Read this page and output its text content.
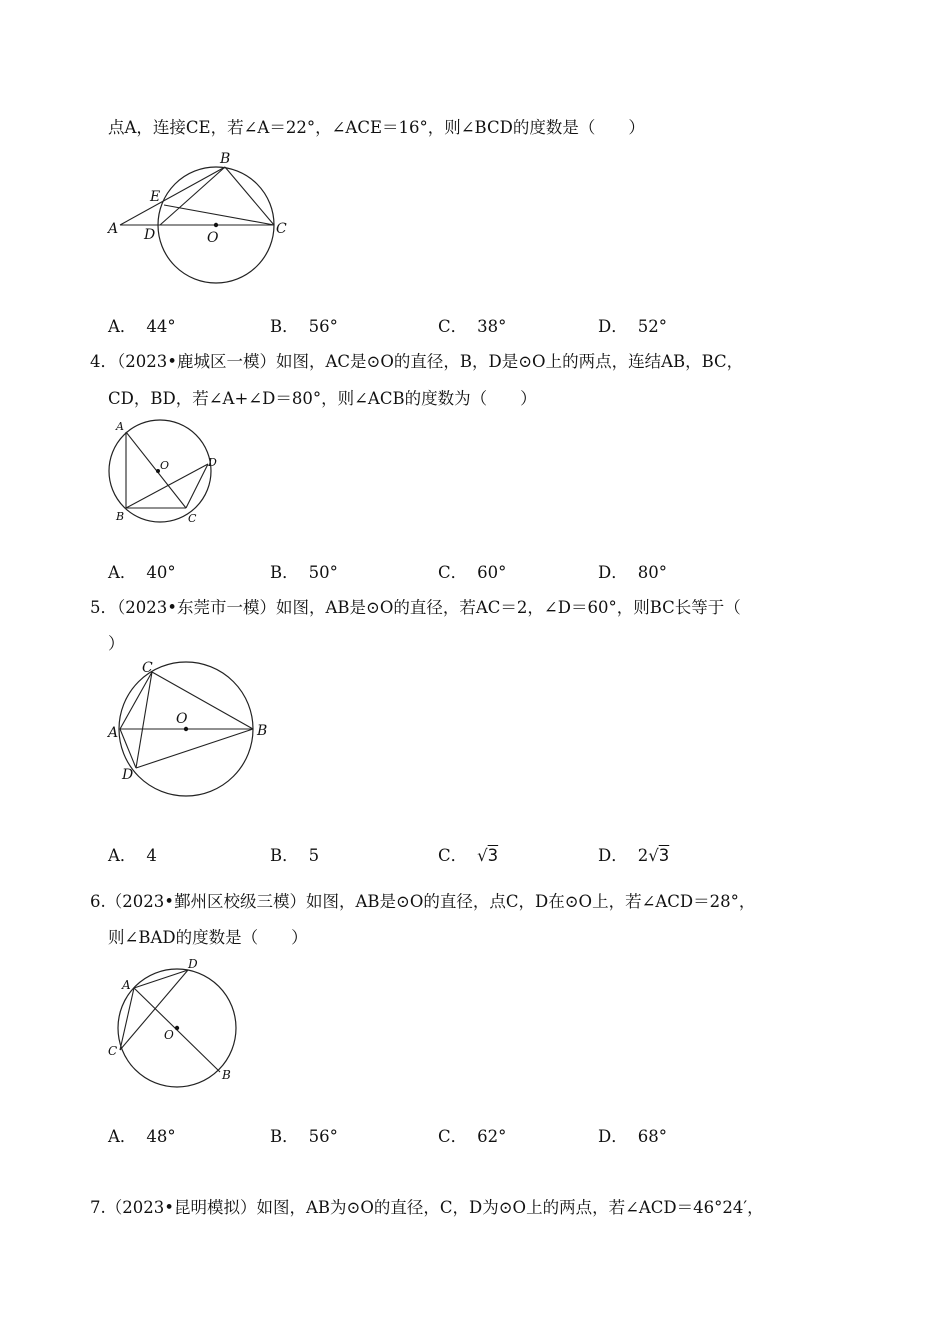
点A，连接CE，若∠A＝22°，∠ACE＝16°，则∠BCD的度数是（　　）
A
B
C
D
E
O
A． 44°	B． 56°	C． 38°	D． 52°
4．（2023•鹿城区一模）如图，AC是⊙O的直径，B，D是⊙O上的两点，连结AB，BC，
CD，BD，若∠A+∠D＝80°，则∠ACB的度数为（　　）
A
B	C
D
O
A． 40°	B． 50°	C． 60°	D． 80°
5．（2023•东莞市一模）如图，AB是⊙O的直径，若AC＝2，∠D＝60°，则BC长等于（
）
A	B
C
D
O
A． 4	B． 5	C． √3	D． 2√3
6.（2023•鄞州区校级三模）如图，AB是⊙O的直径，点C，D在⊙O上，若∠ACD＝28°，
则∠BAD的度数是（　　）
A
B
C
D
O
A． 48°	B． 56°	C． 62°	D． 68°
7.（2023•昆明模拟）如图，AB为⊙O的直径，C，D为⊙O上的两点，若∠ACD＝46°24′，
